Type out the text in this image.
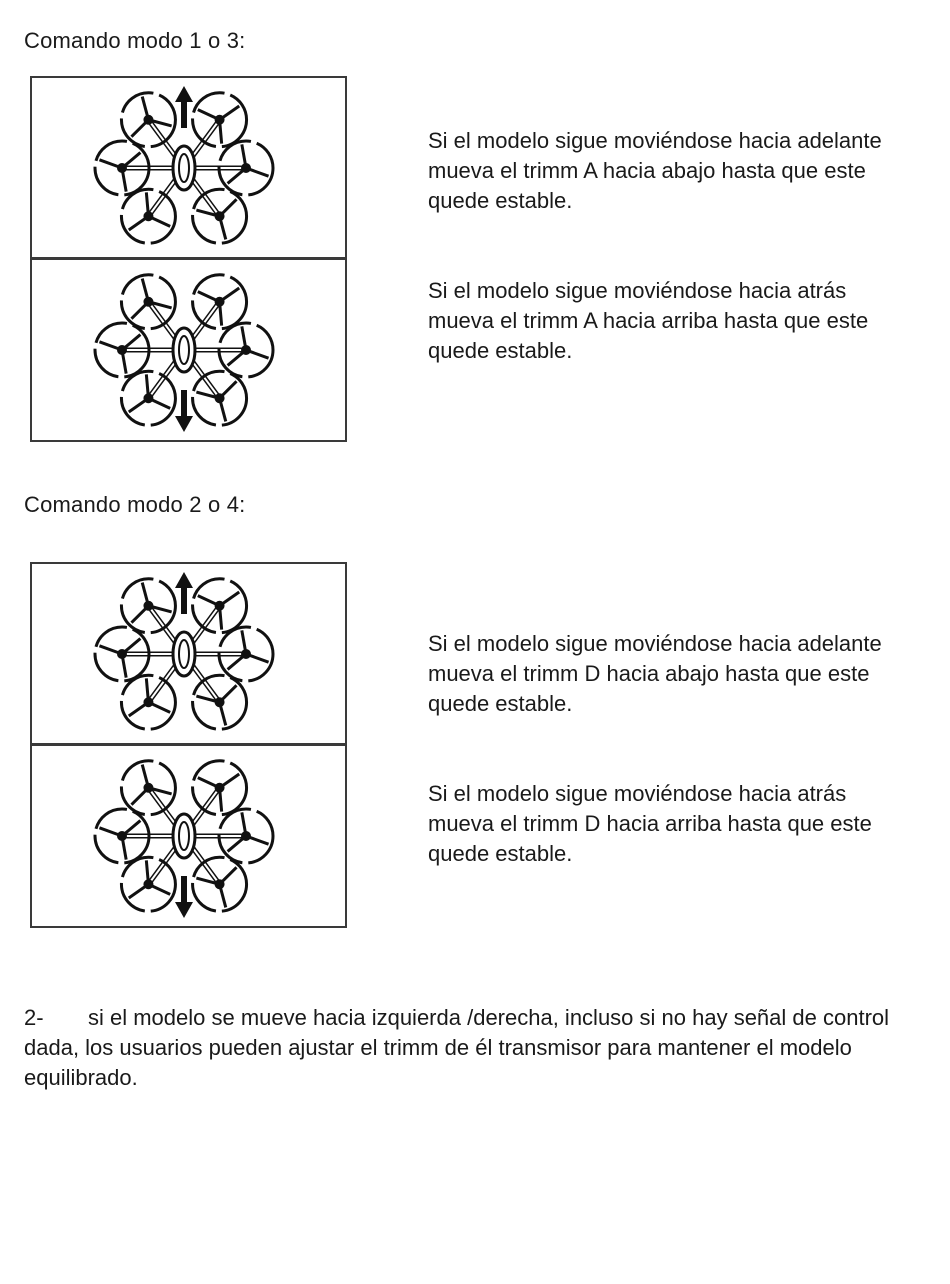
Comando modo 1 o 3:
Si el modelo sigue moviéndose hacia adelante mueva el trimm A hacia abajo hasta que este quede estable.
Si el modelo sigue moviéndose hacia atrás mueva el trimm A hacia arriba hasta que este quede estable.
Comando modo 2 o 4:
Si el modelo sigue moviéndose hacia adelante mueva el trimm D hacia abajo hasta que este quede estable.
Si el modelo sigue moviéndose hacia atrás mueva el trimm D hacia arriba hasta que este quede estable.
2- si el modelo se mueve hacia izquierda /derecha, incluso si no hay señal de control dada, los usuarios pueden ajustar el trimm de él transmisor para mantener el modelo equilibrado.
